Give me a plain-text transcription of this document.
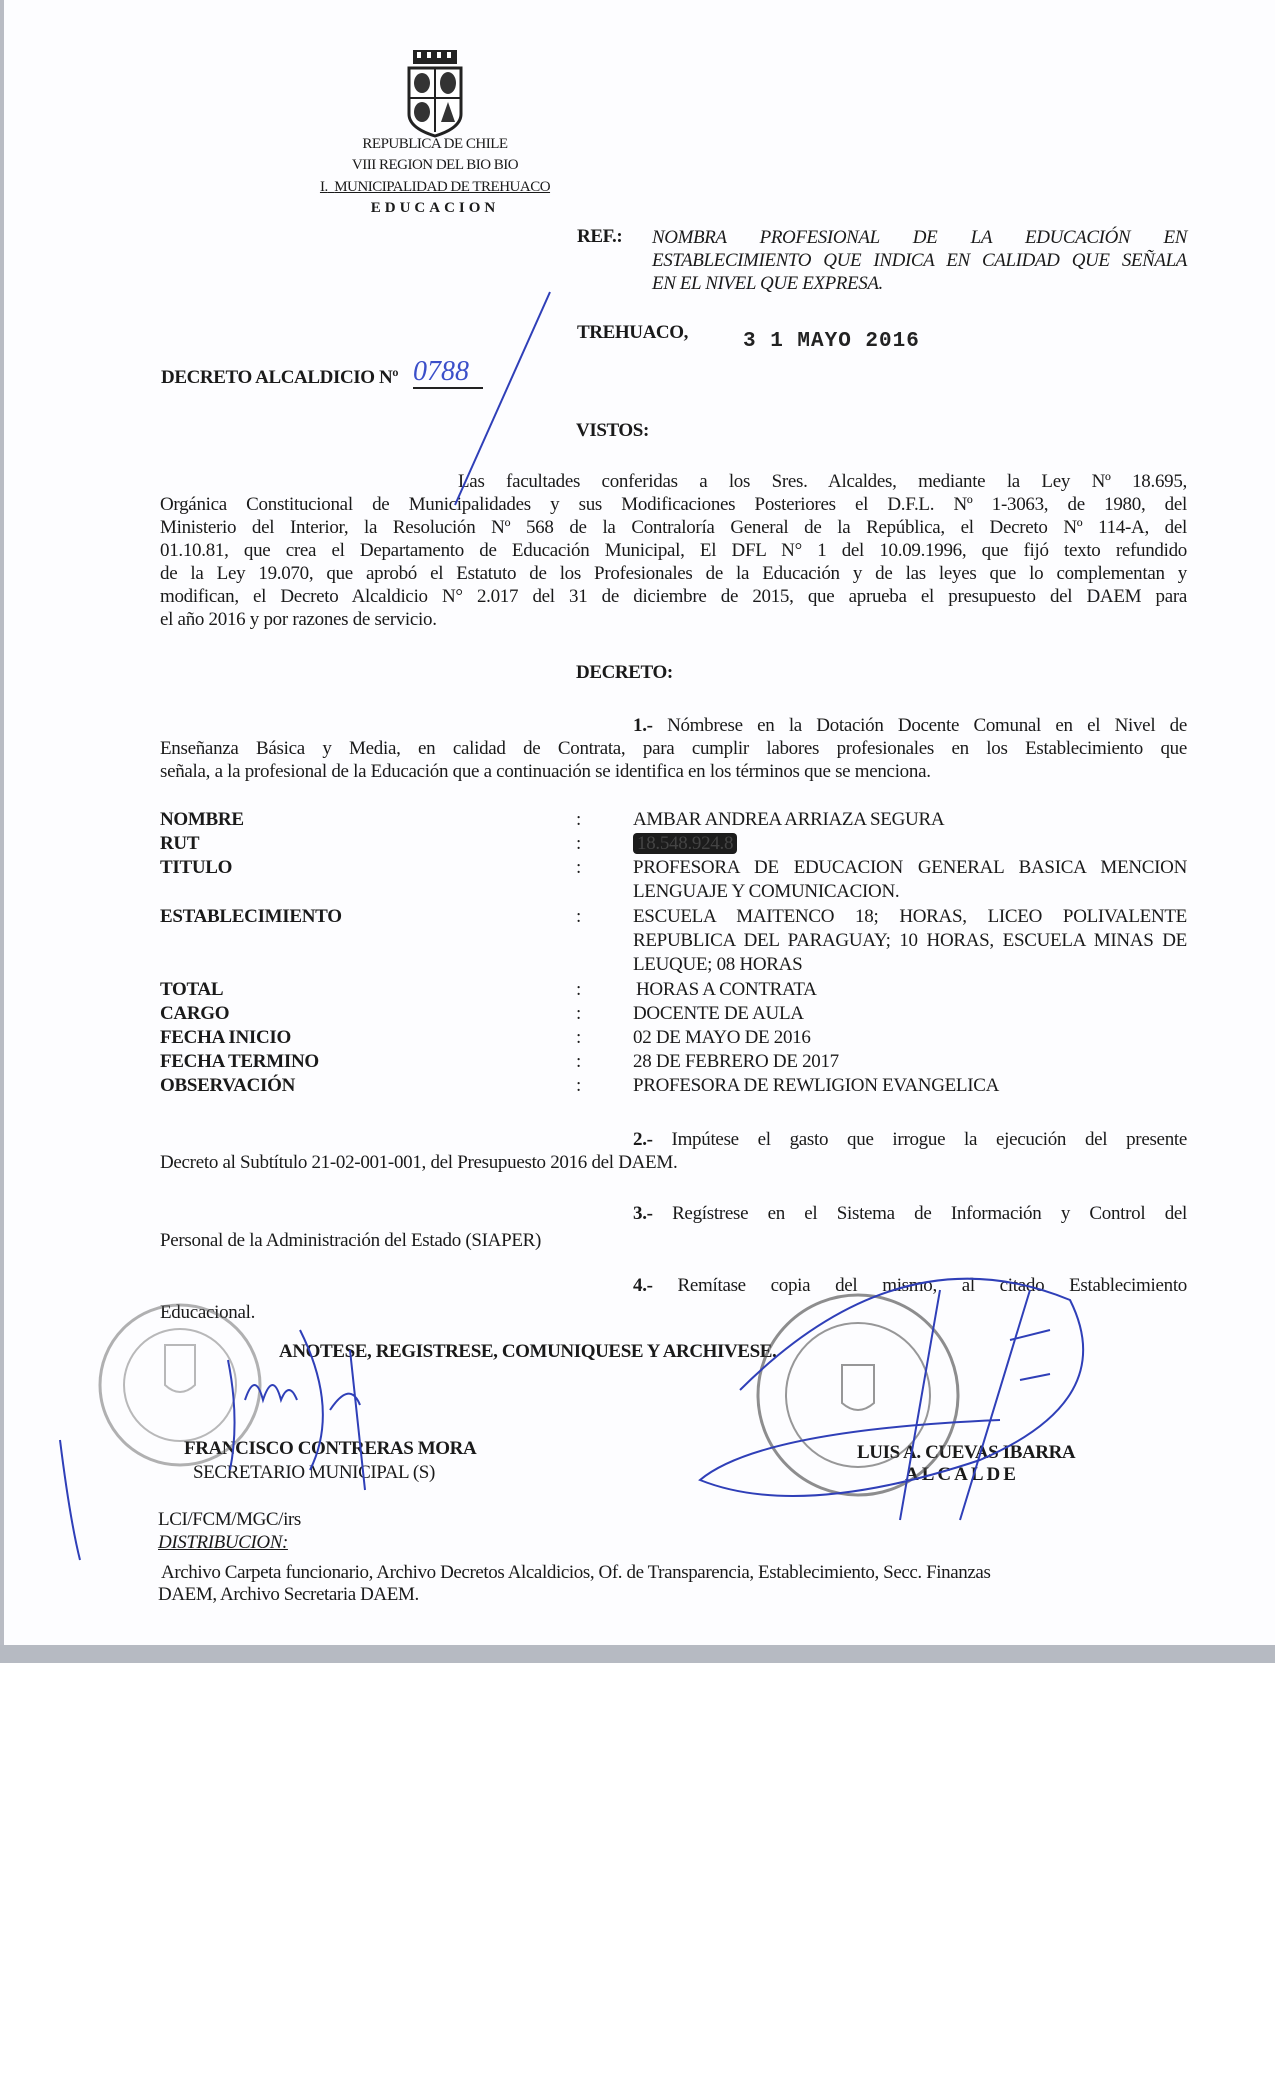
REPUBLICA DE CHILE
VIII REGION DEL BIO BIO
I. MUNICIPALIDAD DE TREHUACO
EDUCACION
REF.: NOMBRA PROFESIONAL DE LA EDUCACIÓN EN
ESTABLECIMIENTO QUE INDICA EN CALIDAD QUE SEÑALA
EN EL NIVEL QUE EXPRESA.
TREHUACO,	3 1 MAYO 2016
DECRETO ALCALDICIO Nº 0788
VISTOS:
Las facultades conferidas a los Sres. Alcaldes, mediante la Ley Nº 18.695,
Orgánica Constitucional de Municipalidades y sus Modificaciones Posteriores el D.F.L. Nº 1-3063, de 1980, del
Ministerio del Interior, la Resolución Nº 568 de la Contraloría General de la República, el Decreto Nº 114-A, del
01.10.81, que crea el Departamento de Educación Municipal, El DFL N° 1 del 10.09.1996, que fijó texto refundido
de la Ley 19.070, que aprobó el Estatuto de los Profesionales de la Educación y de las leyes que lo complementan y
modifican, el Decreto Alcaldicio N° 2.017 del 31 de diciembre de 2015, que aprueba el presupuesto del DAEM para
el año 2016 y por razones de servicio.
DECRETO:
1.- Nómbrese en la Dotación Docente Comunal en el Nivel de
Enseñanza Básica y Media, en calidad de Contrata, para cumplir labores profesionales en los Establecimiento que
señala, a la profesional de la Educación que a continuación se identifica en los términos que se menciona.
NOMBRE	:	AMBAR ANDREA ARRIAZA SEGURA
RUT	:	18.548.924.8
TITULO	:	PROFESORA DE EDUCACION GENERAL BASICA MENCION LENGUAJE Y COMUNICACION.
ESTABLECIMIENTO	:	ESCUELA MAITENCO 18; HORAS, LICEO POLIVALENTE REPUBLICA DEL PARAGUAY; 10 HORAS, ESCUELA MINAS DE LEUQUE; 08 HORAS
TOTAL	:	HORAS A CONTRATA
CARGO	:	DOCENTE DE AULA
FECHA INICIO	:	02 DE MAYO DE 2016
FECHA TERMINO	:	28 DE FEBRERO DE 2017
OBSERVACIÓN	:	PROFESORA DE REWLIGION EVANGELICA
2.- Impútese el gasto que irrogue la ejecución del presente
Decreto al Subtítulo 21-02-001-001, del Presupuesto 2016 del DAEM.
3.- Regístrese en el Sistema de Información y Control del
Personal de la Administración del Estado (SIAPER)
4.- Remítase copia del mismo, al citado Establecimiento
Educacional.
ANOTESE, REGISTRESE, COMUNIQUESE Y ARCHIVESE.
FRANCISCO CONTRERAS MORA
SECRETARIO MUNICIPAL (S)
LUIS A. CUEVAS IBARRA
ALCALDE
LCI/FCM/MGC/irs
DISTRIBUCION:
Archivo Carpeta funcionario, Archivo Decretos Alcaldicios, Of. de Transparencia, Establecimiento, Secc. Finanzas
DAEM, Archivo Secretaria DAEM.
